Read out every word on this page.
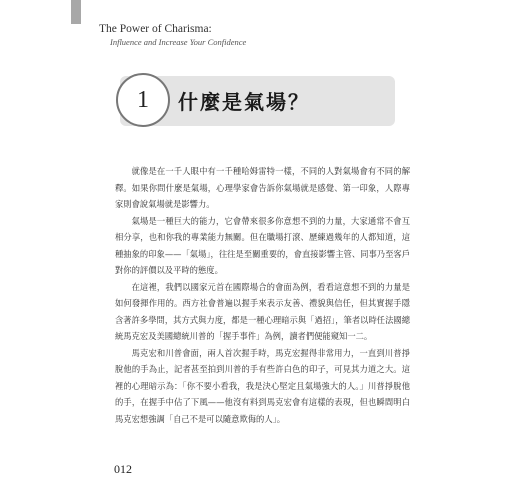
The Power of Charisma:
Influence and Increase Your Confidence
1 什麼是氣場？

就像是在一千人眼中有一千種哈姆雷特一樣，不同的人對氣場會有不同的解釋。如果你問什麼是氣場，心理學家會告訴你氣場就是感覺、第一印象，人際專家則會說氣場就是影響力。

氣場是一種巨大的能力，它會帶來很多你意想不到的力量，大家通常不會互相分享，也和你我的專業能力無關。但在職場打滾、歷練過幾年的人都知道，這種抽象的印象——「氣場」，往往是至關重要的，會直接影響主管、同事乃至客戶對你的評價以及平時的態度。

在這裡，我們以國家元首在國際場合的會面為例，看看這意想不到的力量是如何發揮作用的。西方社會普遍以握手來表示友善、禮貌與信任，但其實握手隱含著許多學問，其方式與力度，都是一種心理暗示與「過招」，筆者以時任法國總統馬克宏及美國總統川普的「握手事件」為例，讀者們便能窺知一二。

馬克宏和川普會面，兩人首次握手時，馬克宏握得非常用力，一直到川普掙脫他的手為止，記者甚至拍到川普的手有些許白色的印子，可見其力道之大。這裡的心理暗示為：「你不要小看我，我是決心堅定且氣場強大的人。」川普掙脫他的手，在握手中佔了下風——他沒有料到馬克宏會有這樣的表現，但也瞬間明白馬克宏想強調「自己不是可以隨意欺侮的人」。

012
